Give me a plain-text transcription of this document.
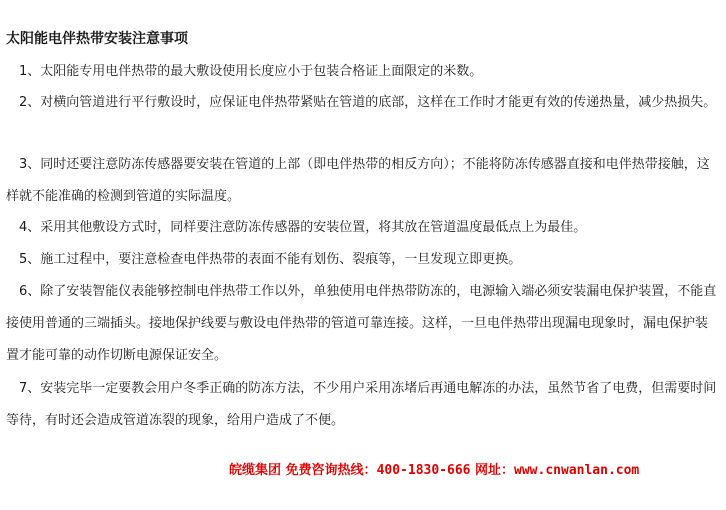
太阳能电伴热带安装注意事项

1、太阳能专用电伴热带的最大敷设使用长度应小于包装合格证上面限定的米数。

2、对横向管道进行平行敷设时，应保证电伴热带紧贴在管道的底部，这样在工作时才能更有效的传递热量，减少热损失。

3、同时还要注意防冻传感器要安装在管道的上部（即电伴热带的相反方向）；不能将防冻传感器直接和电伴热带接触，这样就不能准确的检测到管道的实际温度。

4、采用其他敷设方式时，同样要注意防冻传感器的安装位置，将其放在管道温度最低点上为最佳。

5、施工过程中，要注意检查电伴热带的表面不能有划伤、裂痕等，一旦发现立即更换。

6、除了安装智能仪表能够控制电伴热带工作以外，单独使用电伴热带防冻的，电源输入端必须安装漏电保护装置，不能直接使用普通的三端插头。接地保护线要与敷设电伴热带的管道可靠连接。这样，一旦电伴热带出现漏电现象时，漏电保护装置才能可靠的动作切断电源保证安全。

7、安装完毕一定要教会用户冬季正确的防冻方法，不少用户采用冻堵后再通电解冻的办法，虽然节省了电费，但需要时间等待，有时还会造成管道冻裂的现象，给用户造成了不便。

皖缆集团 免费咨询热线：400-1830-666 网址：www.cnwanlan.com
